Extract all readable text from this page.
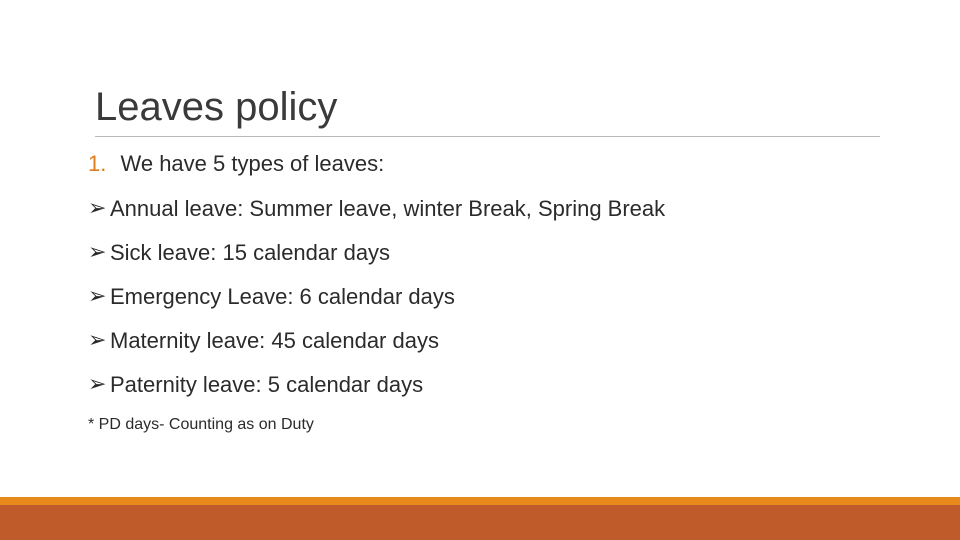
Leaves policy
1. We have 5 types of leaves:
➢ Annual leave: Summer leave, winter Break, Spring Break
➢ Sick leave: 15 calendar days
➢ Emergency Leave: 6 calendar days
➢ Maternity leave: 45 calendar days
➢ Paternity leave: 5 calendar days
* PD days- Counting as on Duty
